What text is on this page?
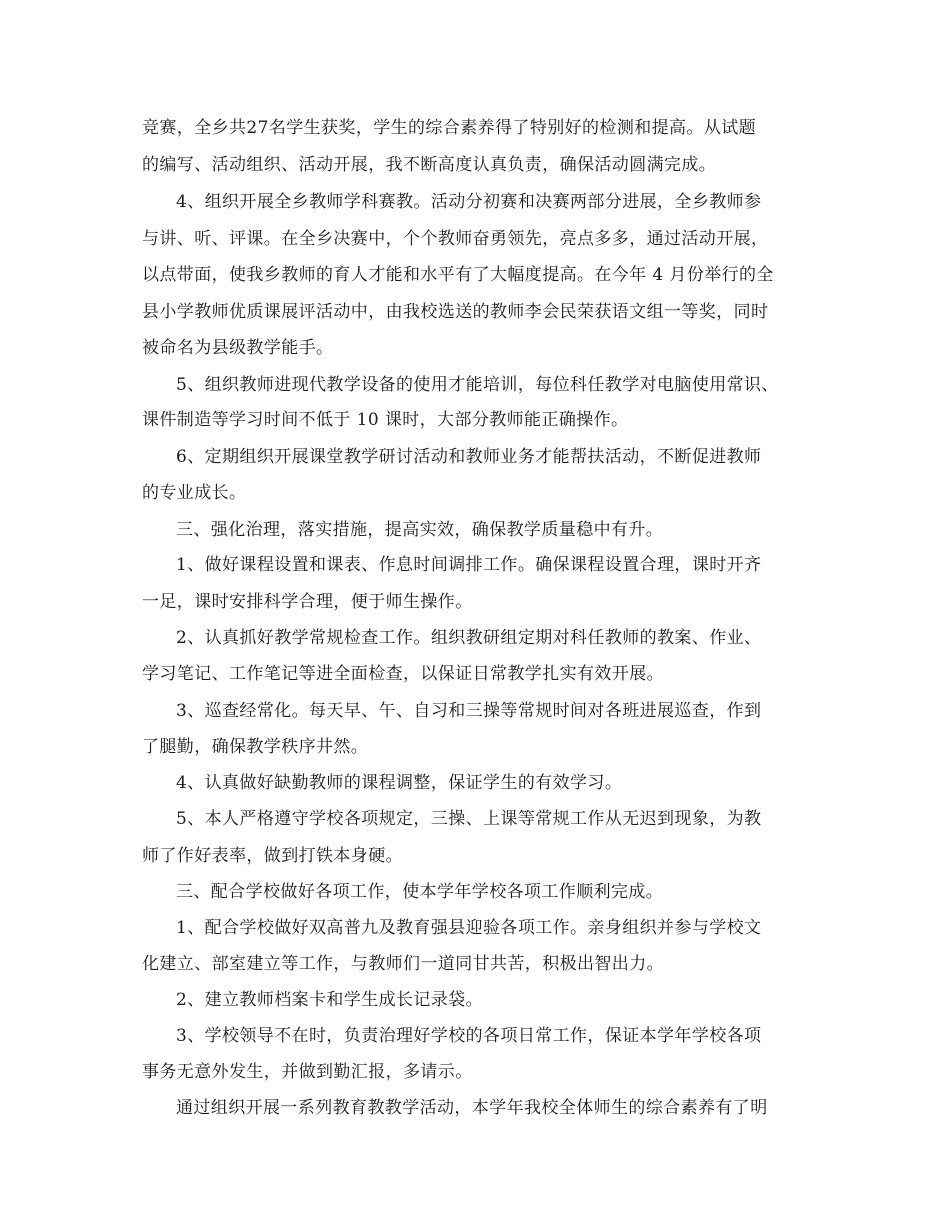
竞赛，全乡共27名学生获奖，学生的综合素养得了特别好的检测和提高。从试题

的编写、活动组织、活动开展，我不断高度认真负责，确保活动圆满完成。

4、组织开展全乡教师学科赛教。活动分初赛和决赛两部分进展，全乡教师参

与讲、听、评课。在全乡决赛中，个个教师奋勇领先，亮点多多，通过活动开展，

以点带面，使我乡教师的育人才能和水平有了大幅度提高。在今年 4 月份举行的全

县小学教师优质课展评活动中，由我校选送的教师李会民荣获语文组一等奖，同时

被命名为县级教学能手。

5、组织教师进现代教学设备的使用才能培训，每位科任教学对电脑使用常识、

课件制造等学习时间不低于 10 课时，大部分教师能正确操作。

6、定期组织开展课堂教学研讨活动和教师业务才能帮扶活动，不断促进教师

的专业成长。

三、强化治理，落实措施，提高实效，确保教学质量稳中有升。

1、做好课程设置和课表、作息时间调排工作。确保课程设置合理，课时开齐

一足，课时安排科学合理，便于师生操作。

2、认真抓好教学常规检查工作。组织教研组定期对科任教师的教案、作业、

学习笔记、工作笔记等进全面检查，以保证日常教学扎实有效开展。

3、巡查经常化。每天早、午、自习和三操等常规时间对各班进展巡查，作到

了腿勤，确保教学秩序井然。

4、认真做好缺勤教师的课程调整，保证学生的有效学习。

5、本人严格遵守学校各项规定，三操、上课等常规工作从无迟到现象，为教

师了作好表率，做到打铁本身硬。

三、配合学校做好各项工作，使本学年学校各项工作顺利完成。

1、配合学校做好双高普九及教育强县迎验各项工作。亲身组织并参与学校文

化建立、部室建立等工作，与教师们一道同甘共苦，积极出智出力。

2、建立教师档案卡和学生成长记录袋。

3、学校领导不在时，负责治理好学校的各项日常工作，保证本学年学校各项

事务无意外发生，并做到勤汇报，多请示。

通过组织开展一系列教育教教学活动，本学年我校全体师生的综合素养有了明
